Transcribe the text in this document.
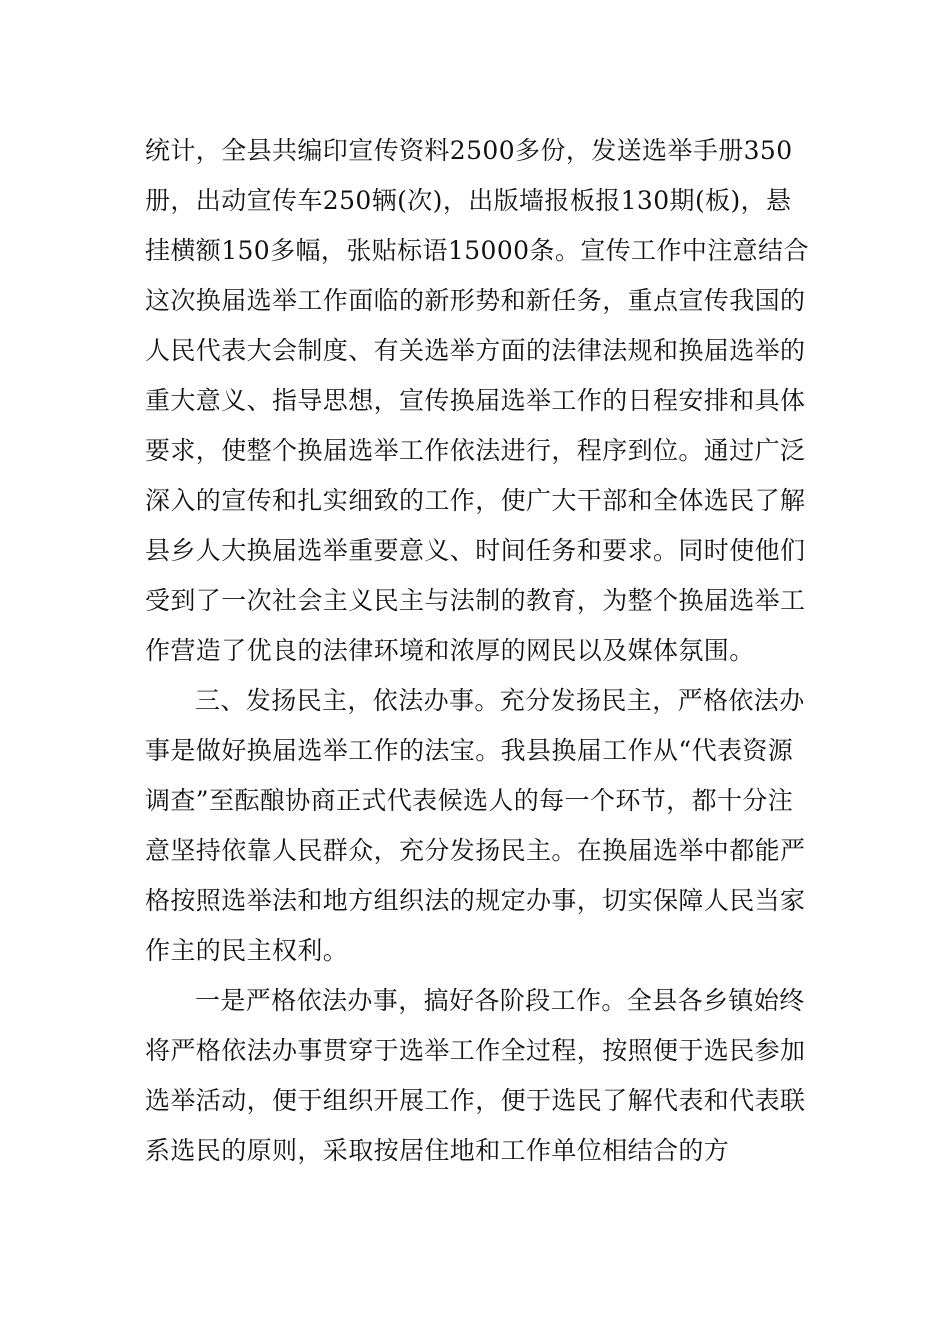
统计，全县共编印宣传资料2500多份，发送选举手册350册，出动宣传车250辆(次)，出版墙报板报130期(板)，悬挂横额150多幅，张贴标语15000条。宣传工作中注意结合这次换届选举工作面临的新形势和新任务，重点宣传我国的人民代表大会制度、有关选举方面的法律法规和换届选举的重大意义、指导思想，宣传换届选举工作的日程安排和具体要求，使整个换届选举工作依法进行，程序到位。通过广泛深入的宣传和扎实细致的工作，使广大干部和全体选民了解县乡人大换届选举重要意义、时间任务和要求。同时使他们受到了一次社会主义民主与法制的教育，为整个换届选举工作营造了优良的法律环境和浓厚的网民以及媒体氛围。

三、发扬民主，依法办事。充分发扬民主，严格依法办事是做好换届选举工作的法宝。我县换届工作从“代表资源调查”至酝酿协商正式代表候选人的每一个环节，都十分注意坚持依靠人民群众，充分发扬民主。在换届选举中都能严格按照选举法和地方组织法的规定办事，切实保障人民当家作主的民主权利。

一是严格依法办事，搞好各阶段工作。全县各乡镇始终将严格依法办事贯穿于选举工作全过程，按照便于选民参加选举活动，便于组织开展工作，便于选民了解代表和代表联系选民的原则，采取按居住地和工作单位相结合的方
